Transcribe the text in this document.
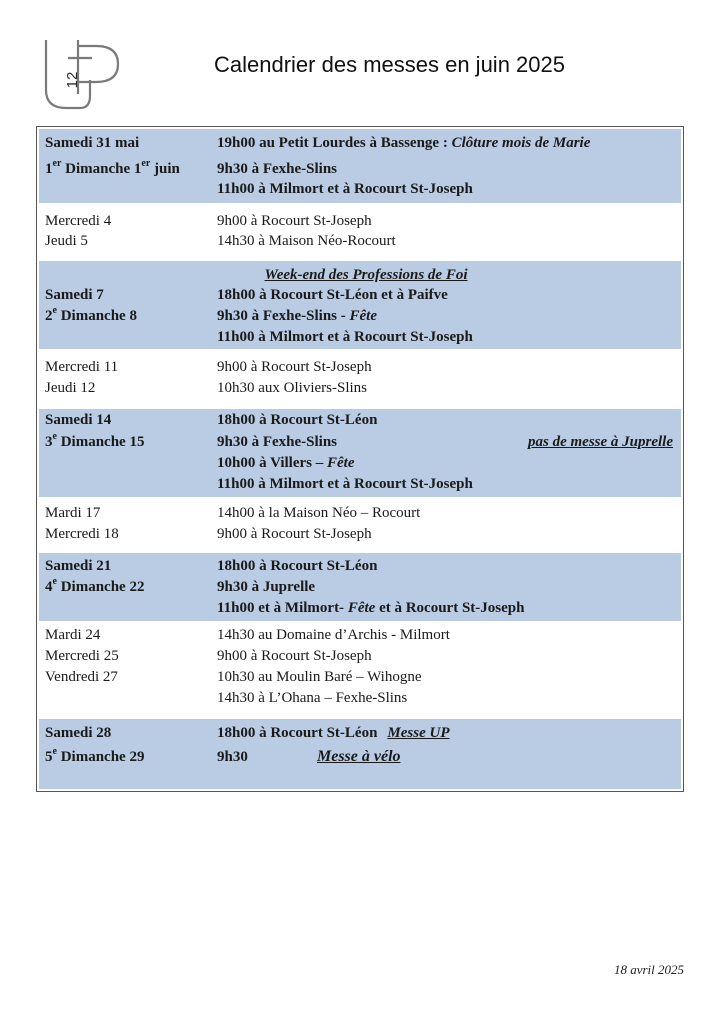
12
Calendrier des messes en juin 2025
Samedi 31 mai	19h00 au Petit Lourdes à Bassenge : Clôture mois de Marie
1er Dimanche 1er juin 9h30 à Fexhe-Slins
11h00 à Milmort et à Rocourt St-Joseph
Mercredi 4	9h00 à Rocourt St-Joseph
Jeudi 5	14h30 à Maison Néo-Rocourt
Week-end des Professions de Foi
Samedi 7	18h00 à Rocourt St-Léon et à Paifve
2e Dimanche 8	9h30 à Fexhe-Slins - Fête
11h00 à Milmort et à Rocourt St-Joseph
Mercredi 11	9h00 à Rocourt St-Joseph
Jeudi 12	10h30 aux Oliviers-Slins
Samedi 14	18h00 à Rocourt St-Léon
3e Dimanche 15	9h30 à Fexhe-Slins	pas de messe à Juprelle
10h00 à Villers – Fête
11h00 à Milmort et à Rocourt St-Joseph
Mardi 17	14h00 à la Maison Néo – Rocourt
Mercredi 18	9h00 à Rocourt St-Joseph
Samedi 21	18h00 à Rocourt St-Léon
4e Dimanche 22	9h30 à Juprelle
11h00 et à Milmort- Fête et à Rocourt St-Joseph
Mardi 24	14h30 au Domaine d’Archis - Milmort
Mercredi 25	9h00 à Rocourt St-Joseph
Vendredi 27	10h30 au Moulin Baré – Wihogne
14h30 à L’Ohana – Fexhe-Slins
Samedi 28	18h00 à Rocourt St-Léon Messe UP
5e Dimanche 29	9h30	Messe à vélo
18 avril 2025
